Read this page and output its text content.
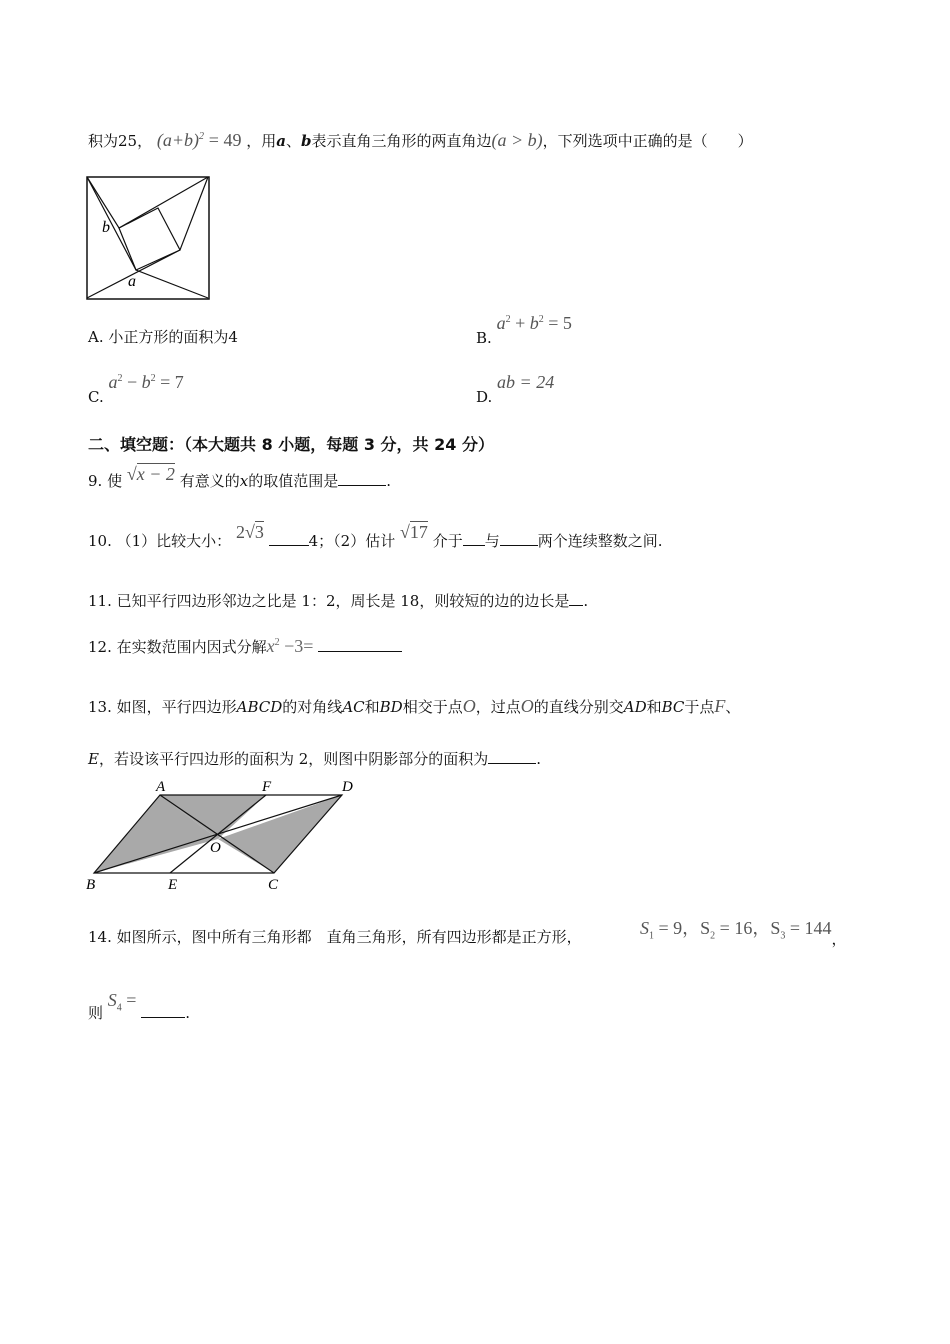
积为25， $(a+b)^2 = 49$ ，用a、b表示直角三角形的两直角边(a > b)，下列选项中正确的是（　　）
b
a
A. 小正方形的面积为4	B. $a^2 + b^2 = 5$
C. $a^2 - b^2 = 7$
D. ab = 24
二、填空题：（本大题共 8 小题，每题 3 分，共 24 分）
9. 使 √x − 2 有意义的x的取值范围是	.
10. （1）比较大小： 2√3	4；（2）估计 √17 介于 与	两个连续整数之间.
11. 已知平行四边形邻边之比是 1：2，周长是 18，则较短的边的边长是 .
12. 在实数范围内因式分解$x^2 -3=$
13. 如图，平行四边形ABCD的对角线AC和BD相交于点O，过点O的直线分别交AD和BC于点F、
E，若设该平行四边形的面积为 2，则图中阴影部分的面积为	.
A	F	D
O
B	E	C
14. 如图所示，图中所有三角形都　直角三角形，所有四边形都是正方形，	$S_1 = 9$，$S_2 = 16$，$S_3 = 144$，
则 $S_4$ = .
